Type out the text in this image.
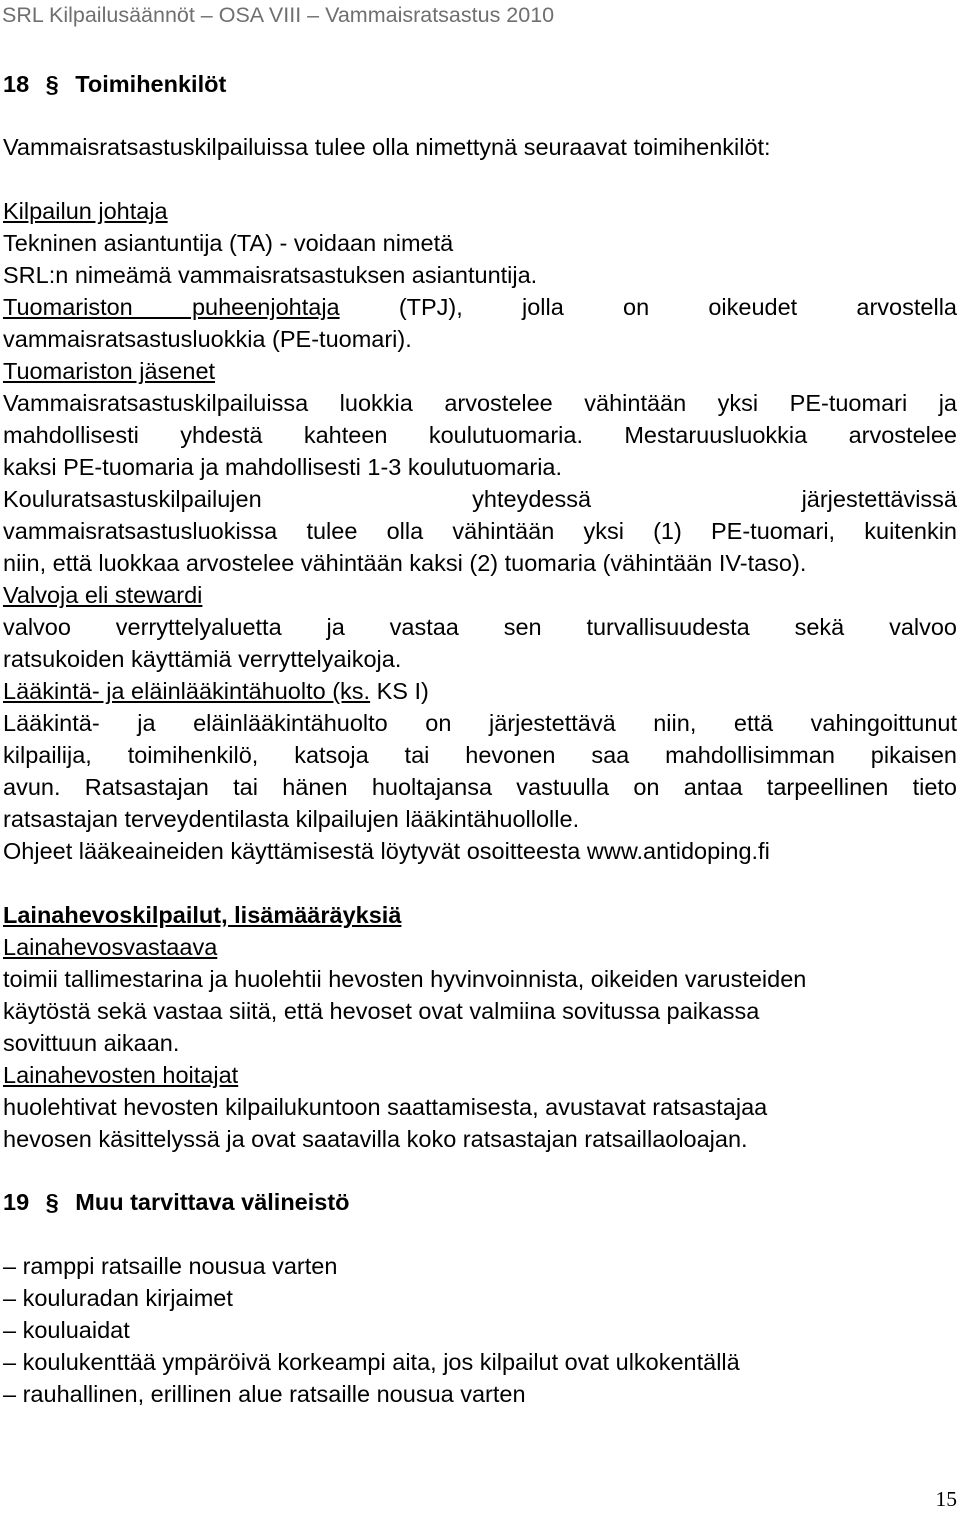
SRL Kilpailusäännöt – OSA VIII – Vammaisratsastus 2010
18 § Toimihenkilöt
Vammaisratsastuskilpailuissa tulee olla nimettynä seuraavat toimihenkilöt:
Kilpailun johtaja
Tekninen asiantuntija (TA) - voidaan nimetä
SRL:n nimeämä vammaisratsastuksen asiantuntija.
Tuomariston puheenjohtaja	(TPJ), jolla on oikeudet arvostella
vammaisratsastusluokkia (PE-tuomari).
Tuomariston jäsenet
Vammaisratsastuskilpailuissa luokkia arvostelee vähintään yksi PE-tuomari ja
mahdollisesti yhdestä kahteen koulutuomaria. Mestaruusluokkia arvostelee
kaksi PE-tuomaria ja mahdollisesti 1-3 koulutuomaria.
Kouluratsastuskilpailujen yhteydessä järjestettävissä
vammaisratsastusluokissa tulee olla vähintään yksi (1) PE-tuomari, kuitenkin
niin, että luokkaa arvostelee vähintään kaksi (2) tuomaria (vähintään IV-taso).
Valvoja eli stewardi
valvoo verryttelyaluetta ja vastaa sen turvallisuudesta sekä valvoo
ratsukoiden käyttämiä verryttelyaikoja.
Lääkintä- ja eläinlääkintähuolto (ks. KS I)
Lääkintä- ja eläinlääkintähuolto on järjestettävä niin, että vahingoittunut
kilpailija, toimihenkilö, katsoja tai hevonen saa mahdollisimman pikaisen
avun. Ratsastajan tai hänen huoltajansa vastuulla on antaa tarpeellinen tieto
ratsastajan terveydentilasta kilpailujen lääkintähuollolle.
Ohjeet lääkeaineiden käyttämisestä löytyvät osoitteesta www.antidoping.fi
Lainahevoskilpailut, lisämääräyksiä
Lainahevosvastaava
toimii tallimestarina ja huolehtii hevosten hyvinvoinnista, oikeiden varusteiden
käytöstä sekä vastaa siitä, että hevoset ovat valmiina sovitussa paikassa
sovittuun aikaan.
Lainahevosten hoitajat
huolehtivat hevosten kilpailukuntoon saattamisesta, avustavat ratsastajaa
hevosen käsittelyssä ja ovat saatavilla koko ratsastajan ratsaillaoloajan.
19 § Muu tarvittava välineistö
– ramppi ratsaille nousua varten
– kouluradan kirjaimet
– kouluaidat
– koulukenttää ympäröivä korkeampi aita, jos kilpailut ovat ulkokentällä
– rauhallinen, erillinen alue ratsaille nousua varten
15
